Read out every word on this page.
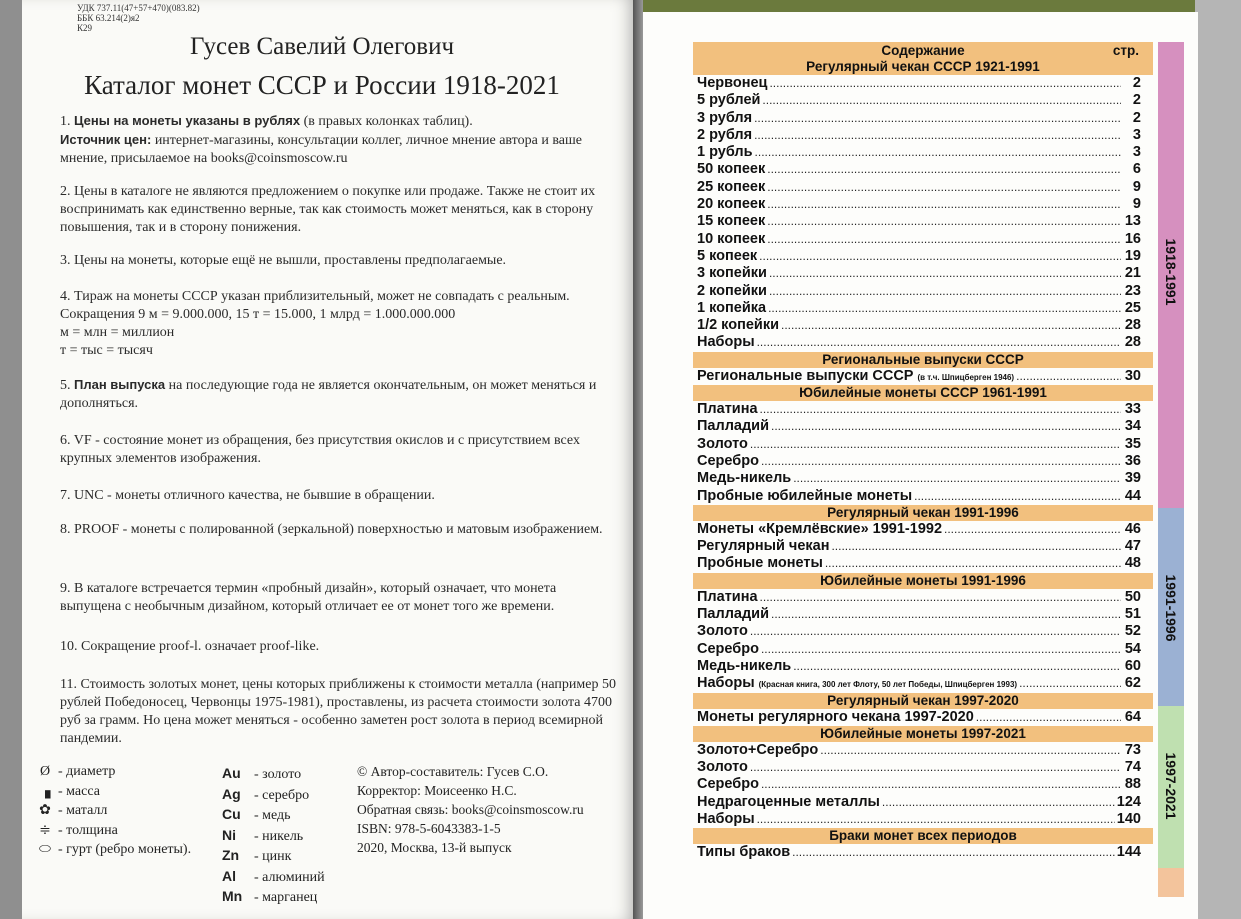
УДК 737.11(47+57+470)(083.82)
ББК 63.214(2)я2
К29
Гусев Савелий Олегович
Каталог монет СССР и России 1918-2021
1. Цены на монеты указаны в рублях (в правых колонках таблиц).
Источник цен: интернет-магазины, консультации коллег, личное мнение автора и ваше мнение, присылаемое на books@coinsmoscow.ru
2. Цены в каталоге не являются предложением о покупке или продаже. Также не стоит их воспринимать как единственно верные, так как стоимость может меняться, как в сторону повышения, так и в сторону понижения.
3. Цены на монеты, которые ещё не вышли, проставлены предполагаемые.
4. Тираж на монеты СССР указан приблизительный, может не совпадать с реальным.
Сокращения 9 м = 9.000.000, 15 т = 15.000, 1 млрд = 1.000.000.000
м = млн = миллион
т = тыс = тысяч
5. План выпуска на последующие года не является окончательным, он может меняться и дополняться.
6. VF - состояние монет из обращения, без присутствия окислов и с присутствием всех крупных элементов изображения.
7. UNC - монеты отличного качества, не бывшие в обращении.
8. PROOF - монеты с полированной (зеркальной) поверхностью и матовым изображением.
9. В каталоге встречается термин «пробный дизайн», который означает, что монета выпущена с необычным дизайном, который отличает ее от монет того же времени.
10. Сокращение proof-l. означает proof-like.
11. Стоимость золотых монет, цены которых приближены к стоимости металла (например 50 рублей Победоносец, Червонцы 1975-1981), проставлены, из расчета стоимости золота 4700 руб за грамм. Но цена может меняться - особенно заметен рост золота в период всемирной пандемии.
Ø - диаметр
▗ - масса
✿ - маталл
≑ - толщина
⬭ - гурт (ребро монеты).
Au - золото
Ag - серебро
Cu - медь
Ni - никель
Zn - цинк
Al - алюминий
Mn - марганец
© Автор-составитель: Гусев С.О.
Корректор: Моисеенко Н.С.
Обратная связь: books@coinsmoscow.ru
ISBN: 978-5-6043383-1-5
2020, Москва, 13-й выпуск
Содержание	стр.
Регулярный чекан СССР 1921-1991
Червонец .....	2
5 рублей .....	2
3 рубля .....	2
2 рубля .....	3
1 рубль .....	3
50 копеек .....	6
25 копеек .....	9
20 копеек .....	9
15 копеек .....	13
10 копеек .....	16
5 копеек .....	19
3 копейки .....	21
2 копейки .....	23
1 копейка .....	25
1/2 копейки .....	28
Наборы .....	28
Региональные выпуски СССР
Региональные выпуски СССР (в т.ч. Шпицберген 1946) .....	30
Юбилейные монеты СССР 1961-1991
Платина .....	33
Палладий .....	34
Золото .....	35
Серебро .....	36
Медь-никель .....	39
Пробные юбилейные монеты .....	44
Регулярный чекан 1991-1996
Монеты «Кремлёвские» 1991-1992 .....	46
Регулярный чекан .....	47
Пробные монеты .....	48
Юбилейные монеты 1991-1996
Платина .....	50
Палладий .....	51
Золото .....	52
Серебро .....	54
Медь-никель .....	60
Наборы (Красная книга, 300 лет Флоту, 50 лет Победы, Шпицберген 1993) .....	62
Регулярный чекан 1997-2020
Монеты регулярного чекана 1997-2020 .....	64
Юбилейные монеты 1997-2021
Золото+Серебро .....	73
Золото .....	74
Серебро .....	88
Недрагоценные металлы .....	124
Наборы .....	140
Браки монет всех периодов
Типы браков .....	144
1918-1991
1991-1996
1997-2021
